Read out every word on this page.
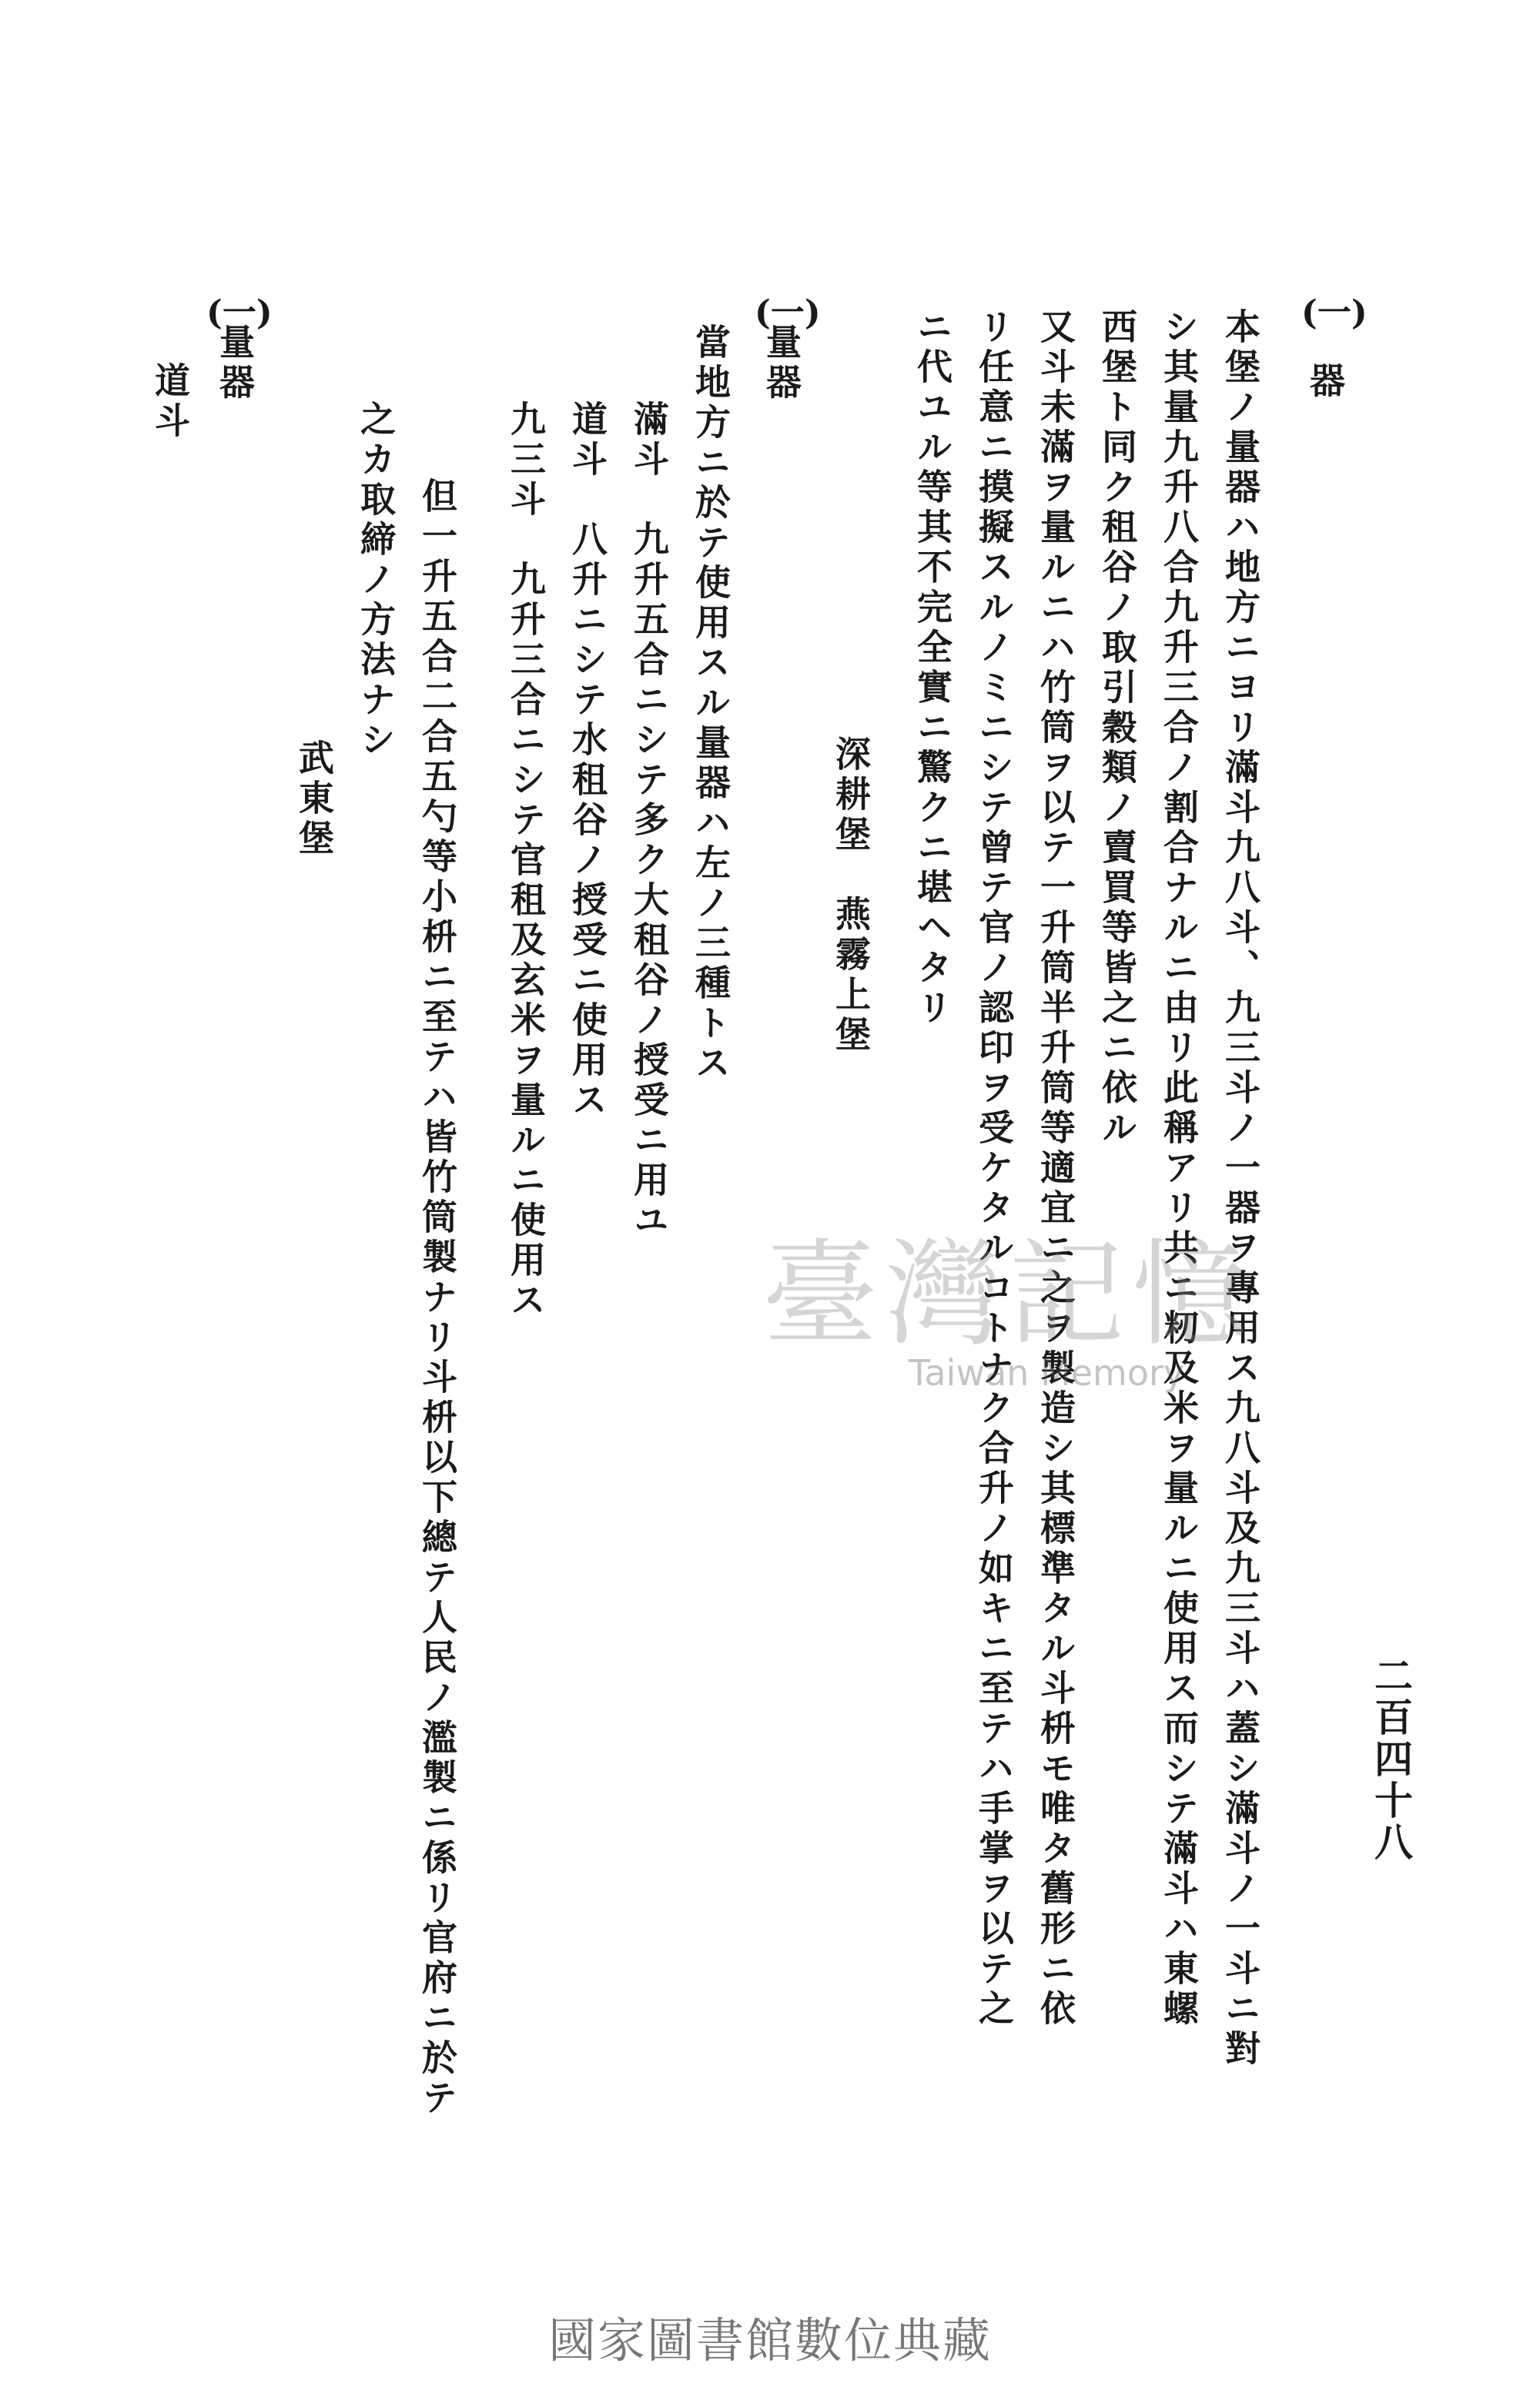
二百四十八
(一)
器
本堡ノ量器ハ地方ニヨリ滿斗九八斗、九三斗ノ一器ヲ專用ス九八斗及九三斗ハ蓋シ滿斗ノ一斗ニ對
シ其量九升八合九升三合ノ割合ナルニ由リ此稱アリ共ニ籾及米ヲ量ルニ使用ス而シテ滿斗ハ東螺
西堡ト同ク租谷ノ取引穀類ノ賣買等皆之ニ依ル
又斗未滿ヲ量ルニハ竹筒ヲ以テ一升筒半升筒等適宜ニ之ヲ製造シ其標準タル斗枡モ唯タ舊形ニ依
リ任意ニ摸擬スルノミニシテ曾テ官ノ認印ヲ受ケタルコトナク合升ノ如キニ至テハ手掌ヲ以テ之
ニ代ユル等其不完全實ニ驚クニ堪ヘタリ
深耕堡　燕霧上堡
(一)
量器
當地方ニ於テ使用スル量器ハ左ノ三種トス
滿斗　九升五合ニシテ多ク大租谷ノ授受ニ用ユ
道斗　八升ニシテ水租谷ノ授受ニ使用ス
九三斗　九升三合ニシテ官租及玄米ヲ量ルニ使用ス
但一升五合二合五勺等小枡ニ至テハ皆竹筒製ナリ斗枡以下總テ人民ノ濫製ニ係リ官府ニ於テ
之カ取締ノ方法ナシ
武東堡
(一)
量器
道斗
臺灣記憶
Taiwan Memory
國家圖書館數位典藏
